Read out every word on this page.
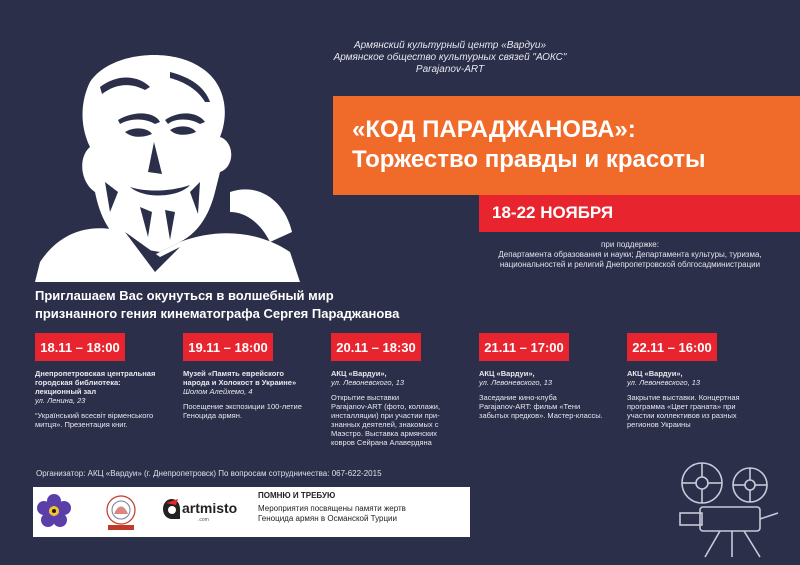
Армянский культурный центр «Вардуи»
Армянское общество культурных связей "АОКС"
Parajanov-ART
«КОД ПАРАДЖАНОВА»:
Торжество правды и красоты
18-22 НОЯБРЯ
при поддержке:
Департамента образования и науки; Департамента культуры, туризма,
национальностей и религий Днепропетровской облгосадминистрации
Приглашаем Вас окунуться в волшебный мир
признанного гения кинематографа Сергея Параджанова
18.11 – 18:00
Днепропетровская центральная
городская библиотека:
лекционный зал
ул. Ленина, 23
“Український всесвіт вірменського
митця». Презентация книг.
19.11 – 18:00
Музей «Память еврейского
народа и Холокост в Украине»
Шолом Алейхемо, 4
Посещение экспозиции 100-летие
Геноцида армян.
20.11 – 18:30
АКЦ «Вардуи»,
ул. Левоневского, 13
Открытие выставки
Parajanov-ART (фото, коллажи,
инсталляции) при участии при-
знанных деятелей, знакомых с
Маэстро. Выставка армянских
ковров Сейрана Алавердяна
21.11 – 17:00
АКЦ «Вардуи»,
ул. Левоневского, 13
Заседание кино-клуба
Parajanov-ART: фильм «Тени
забытых предков». Мастер-классы.
22.11 – 16:00
АКЦ «Вардуи»,
ул. Левоневского, 13
Закрытие выставки. Концертная
программа «Цвет граната» при
участии коллективов из разных
регионов Украины
Организатор: АКЦ «Вардуи» (г. Днепропетровск) По вопросам сотрудничества: 067-622-2015
artmisto
.com
ПОМНЮ И ТРЕБУЮ
Мероприятия посвящены памяти жертв
Геноцида армян в Османской Турции
